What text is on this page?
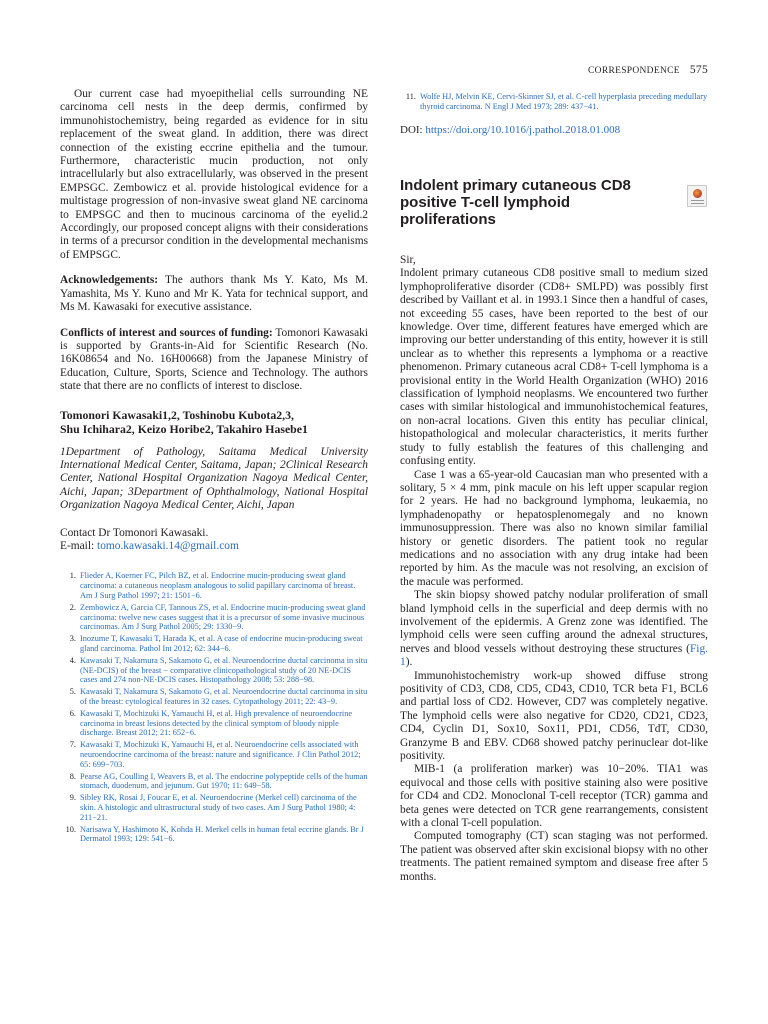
CORRESPONDENCE 575

Our current case had myoepithelial cells surrounding NE carcinoma cell nests in the deep dermis, confirmed by immunohistochemistry, being regarded as evidence for in situ replacement of the sweat gland. In addition, there was direct connection of the existing eccrine epithelia and the tumour. Furthermore, characteristic mucin production, not only intracellularly but also extracellularly, was observed in the present EMPSGC. Zembowicz et al. provide histological evidence for a multistage progression of non-invasive sweat gland NE carcinoma to EMPSGC and then to mucinous carcinoma of the eyelid.2 Accordingly, our proposed concept aligns with their considerations in terms of a precursor condition in the developmental mechanisms of EMPSGC.

Acknowledgements: The authors thank Ms Y. Kato, Ms M. Yamashita, Ms Y. Kuno and Mr K. Yata for technical support, and Ms M. Kawasaki for executive assistance.

Conflicts of interest and sources of funding: Tomonori Kawasaki is supported by Grants-in-Aid for Scientific Research (No. 16K08654 and No. 16H00668) from the Japanese Ministry of Education, Culture, Sports, Science and Technology. The authors state that there are no conflicts of interest to disclose.

Tomonori Kawasaki1,2, Toshinobu Kubota2,3,

Shu Ichihara2, Keizo Horibe2, Takahiro Hasebe1

1Department of Pathology, Saitama Medical University International Medical Center, Saitama, Japan; 2Clinical Research Center, National Hospital Organization Nagoya Medical Center, Aichi, Japan; 3Department of Ophthalmology, National Hospital Organization Nagoya Medical Center, Aichi, Japan

Contact Dr Tomonori Kawasaki.

E-mail: tomo.kawasaki.14@gmail.com

1. Flieder A, Koerner FC, Pilch BZ, et al. Endocrine mucin-producing sweat gland carcinoma: a cutaneous neoplasm analogous to solid papillary carcinoma of breast. Am J Surg Pathol 1997; 21: 1501−6.
2. Zembowicz A, Garcia CF, Tannous ZS, et al. Endocrine mucin-producing sweat gland carcinoma: twelve new cases suggest that it is a precursor of some invasive mucinous carcinomas. Am J Surg Pathol 2005; 29: 1330−9.
3. Inozume T, Kawasaki T, Harada K, et al. A case of endocrine mucin-producing sweat gland carcinoma. Pathol Int 2012; 62: 344−6.
4. Kawasaki T, Nakamura S, Sakamoto G, et al. Neuroendocrine ductal carcinoma in situ (NE-DCIS) of the breast − comparative clinicopathological study of 20 NE-DCIS cases and 274 non-NE-DCIS cases. Histopathology 2008; 53: 288−98.
5. Kawasaki T, Nakamura S, Sakamoto G, et al. Neuroendocrine ductal carcinoma in situ of the breast: cytological features in 32 cases. Cytopathology 2011; 22: 43−9.
6. Kawasaki T, Mochizuki K, Yamauchi H, et al. High prevalence of neuroendocrine carcinoma in breast lesions detected by the clinical symptom of bloody nipple discharge. Breast 2012; 21: 652−6.
7. Kawasaki T, Mochizuki K, Yamauchi H, et al. Neuroendocrine cells associated with neuroendocrine carcinoma of the breast: nature and significance. J Clin Pathol 2012; 65: 699−703.
8. Pearse AG, Coulling I, Weavers B, et al. The endocrine polypeptide cells of the human stomach, duodenum, and jejunum. Gut 1970; 11: 649−58.
9. Sibley RK, Rosai J, Foucar E, et al. Neuroendocrine (Merkel cell) carcinoma of the skin. A histologic and ultrastructural study of two cases. Am J Surg Pathol 1980; 4: 211−21.
10. Narisawa Y, Hashimoto K, Kohda H. Merkel cells in human fetal eccrine glands. Br J Dermatol 1993; 129: 541−6.
11. Wolfe HJ, Melvin KE, Cervi-Skinner SJ, et al. C-cell hyperplasia preceding medullary thyroid carcinoma. N Engl J Med 1973; 289: 437−41.

DOI: https://doi.org/10.1016/j.pathol.2018.01.008

Indolent primary cutaneous CD8 positive T-cell lymphoid proliferations

Sir,

Indolent primary cutaneous CD8 positive small to medium sized lymphoproliferative disorder (CD8+ SMLPD) was possibly first described by Vaillant et al. in 1993.1 Since then a handful of cases, not exceeding 55 cases, have been reported to the best of our knowledge. Over time, different features have emerged which are improving our better understanding of this entity, however it is still unclear as to whether this represents a lymphoma or a reactive phenomenon. Primary cutaneous acral CD8+ T-cell lymphoma is a provisional entity in the World Health Organization (WHO) 2016 classification of lymphoid neoplasms. We encountered two further cases with similar histological and immunohistochemical features, on non-acral locations. Given this entity has peculiar clinical, histopathological and molecular characteristics, it merits further study to fully establish the features of this challenging and confusing entity.

Case 1 was a 65-year-old Caucasian man who presented with a solitary, 5 × 4 mm, pink macule on his left upper scapular region for 2 years. He had no background lymphoma, leukaemia, no lymphadenopathy or hepatosplenomegaly and no known immunosuppression. There was also no known similar familial history or genetic disorders. The patient took no regular medications and no association with any drug intake had been reported by him. As the macule was not resolving, an excision of the macule was performed.

The skin biopsy showed patchy nodular proliferation of small bland lymphoid cells in the superficial and deep dermis with no involvement of the epidermis. A Grenz zone was identified. The lymphoid cells were seen cuffing around the adnexal structures, nerves and blood vessels without destroying these structures (Fig. 1).

Immunohistochemistry work-up showed diffuse strong positivity of CD3, CD8, CD5, CD43, CD10, TCR beta F1, BCL6 and partial loss of CD2. However, CD7 was completely negative. The lymphoid cells were also negative for CD20, CD21, CD23, CD4, Cyclin D1, Sox10, Sox11, PD1, CD56, TdT, CD30, Granzyme B and EBV. CD68 showed patchy perinuclear dot-like positivity.

MIB-1 (a proliferation marker) was 10−20%. TIA1 was equivocal and those cells with positive staining also were positive for CD4 and CD2. Monoclonal T-cell receptor (TCR) gamma and beta genes were detected on TCR gene rearrangements, consistent with a clonal T-cell population.

Computed tomography (CT) scan staging was not performed. The patient was observed after skin excisional biopsy with no other treatments. The patient remained symptom and disease free after 5 months.
